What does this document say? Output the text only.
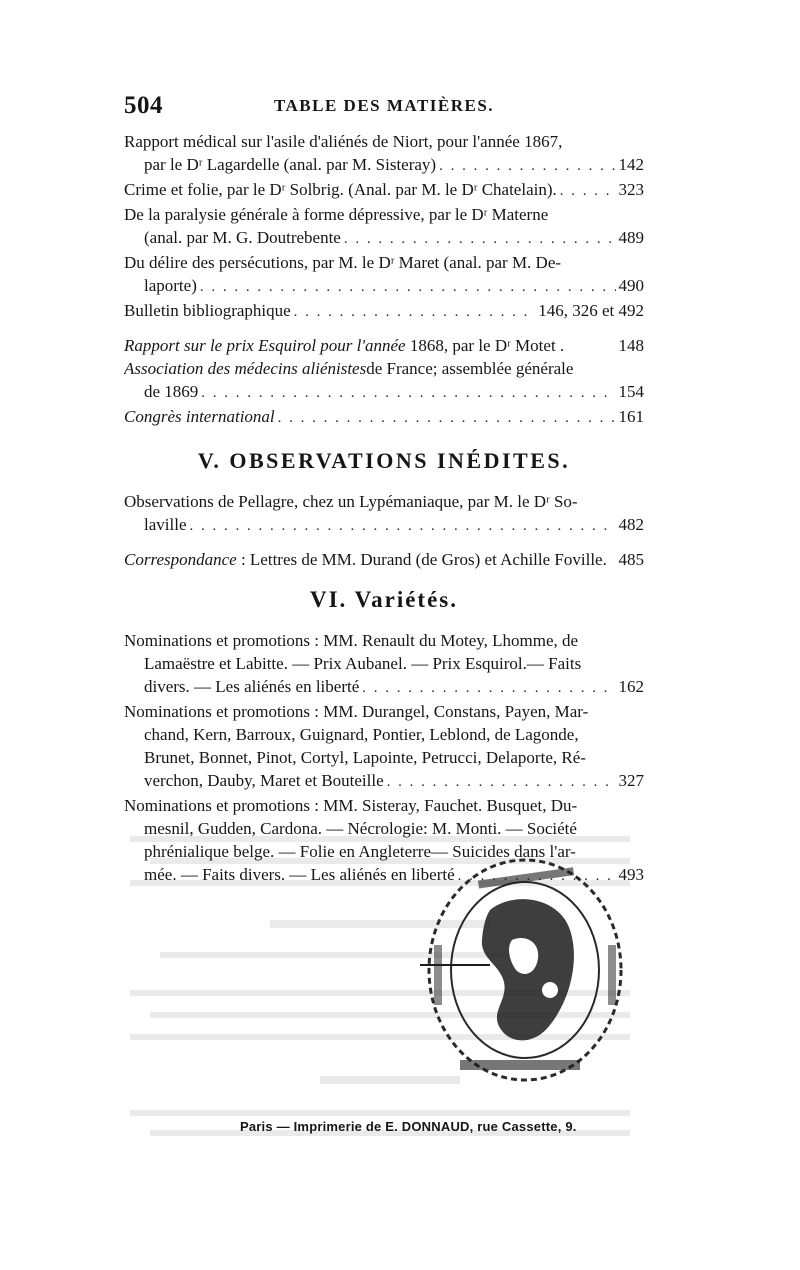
504	TABLE DES MATIÈRES.
Rapport médical sur l'asile d'aliénés de Niort, pour l'année 1867,
par le Dʳ Lagardelle (anal. par M. Sisteray) . . .	142
Crime et folie, par le Dʳ Solbrig. (Anal. par M. le Dʳ Chatelain). . . .	323
De la paralysie générale à forme dépressive, par le Dʳ Materne
(anal. par M. G. Doutrebente . . .	489
Du délire des persécutions, par M. le Dʳ Maret (anal. par M. De-
laporte) . . .	490
Bulletin bibliographique . . .	146, 326 et 492
Rapport sur le prix Esquirol pour l'année 1868, par le Dʳ Motet .	148
Association des médecins aliénistes de France; assemblée générale
de 1869 . . .	154
Congrès international . . .	161
V. OBSERVATIONS INÉDITES.
Observations de Pellagre, chez un Lypémaniaque, par M. le Dʳ So-
laville . . .	482
Correspondance : Lettres de MM. Durand (de Gros) et Achille Foville. 485
VI. Variétés.
Nominations et promotions : MM. Renault du Motey, Lhomme, de
Lamaëstre et Labitte. — Prix Aubanel. — Prix Esquirol.— Faits
divers. — Les aliénés en liberté . . .	162
Nominations et promotions : MM. Durangel, Constans, Payen, Mar-
chand, Kern, Barroux, Guignard, Pontier, Leblond, de Lagonde,
Brunet, Bonnet, Pinot, Cortyl, Lapointe, Petrucci, Delaporte, Ré-
verchon, Dauby, Maret et Bouteille . . .	327
Nominations et promotions : MM. Sisteray, Fauchet. Busquet, Du-
mesnil, Gudden, Cardona. — Nécrologie: M. Monti. — Société
phrénialique belge. — Folie en Angleterre— Suicides dans l'ar-
mée. — Faits divers. — Les aliénés en liberté . . .	493
Paris — Imprimerie de E. DONNAUD, rue Cassette, 9.
